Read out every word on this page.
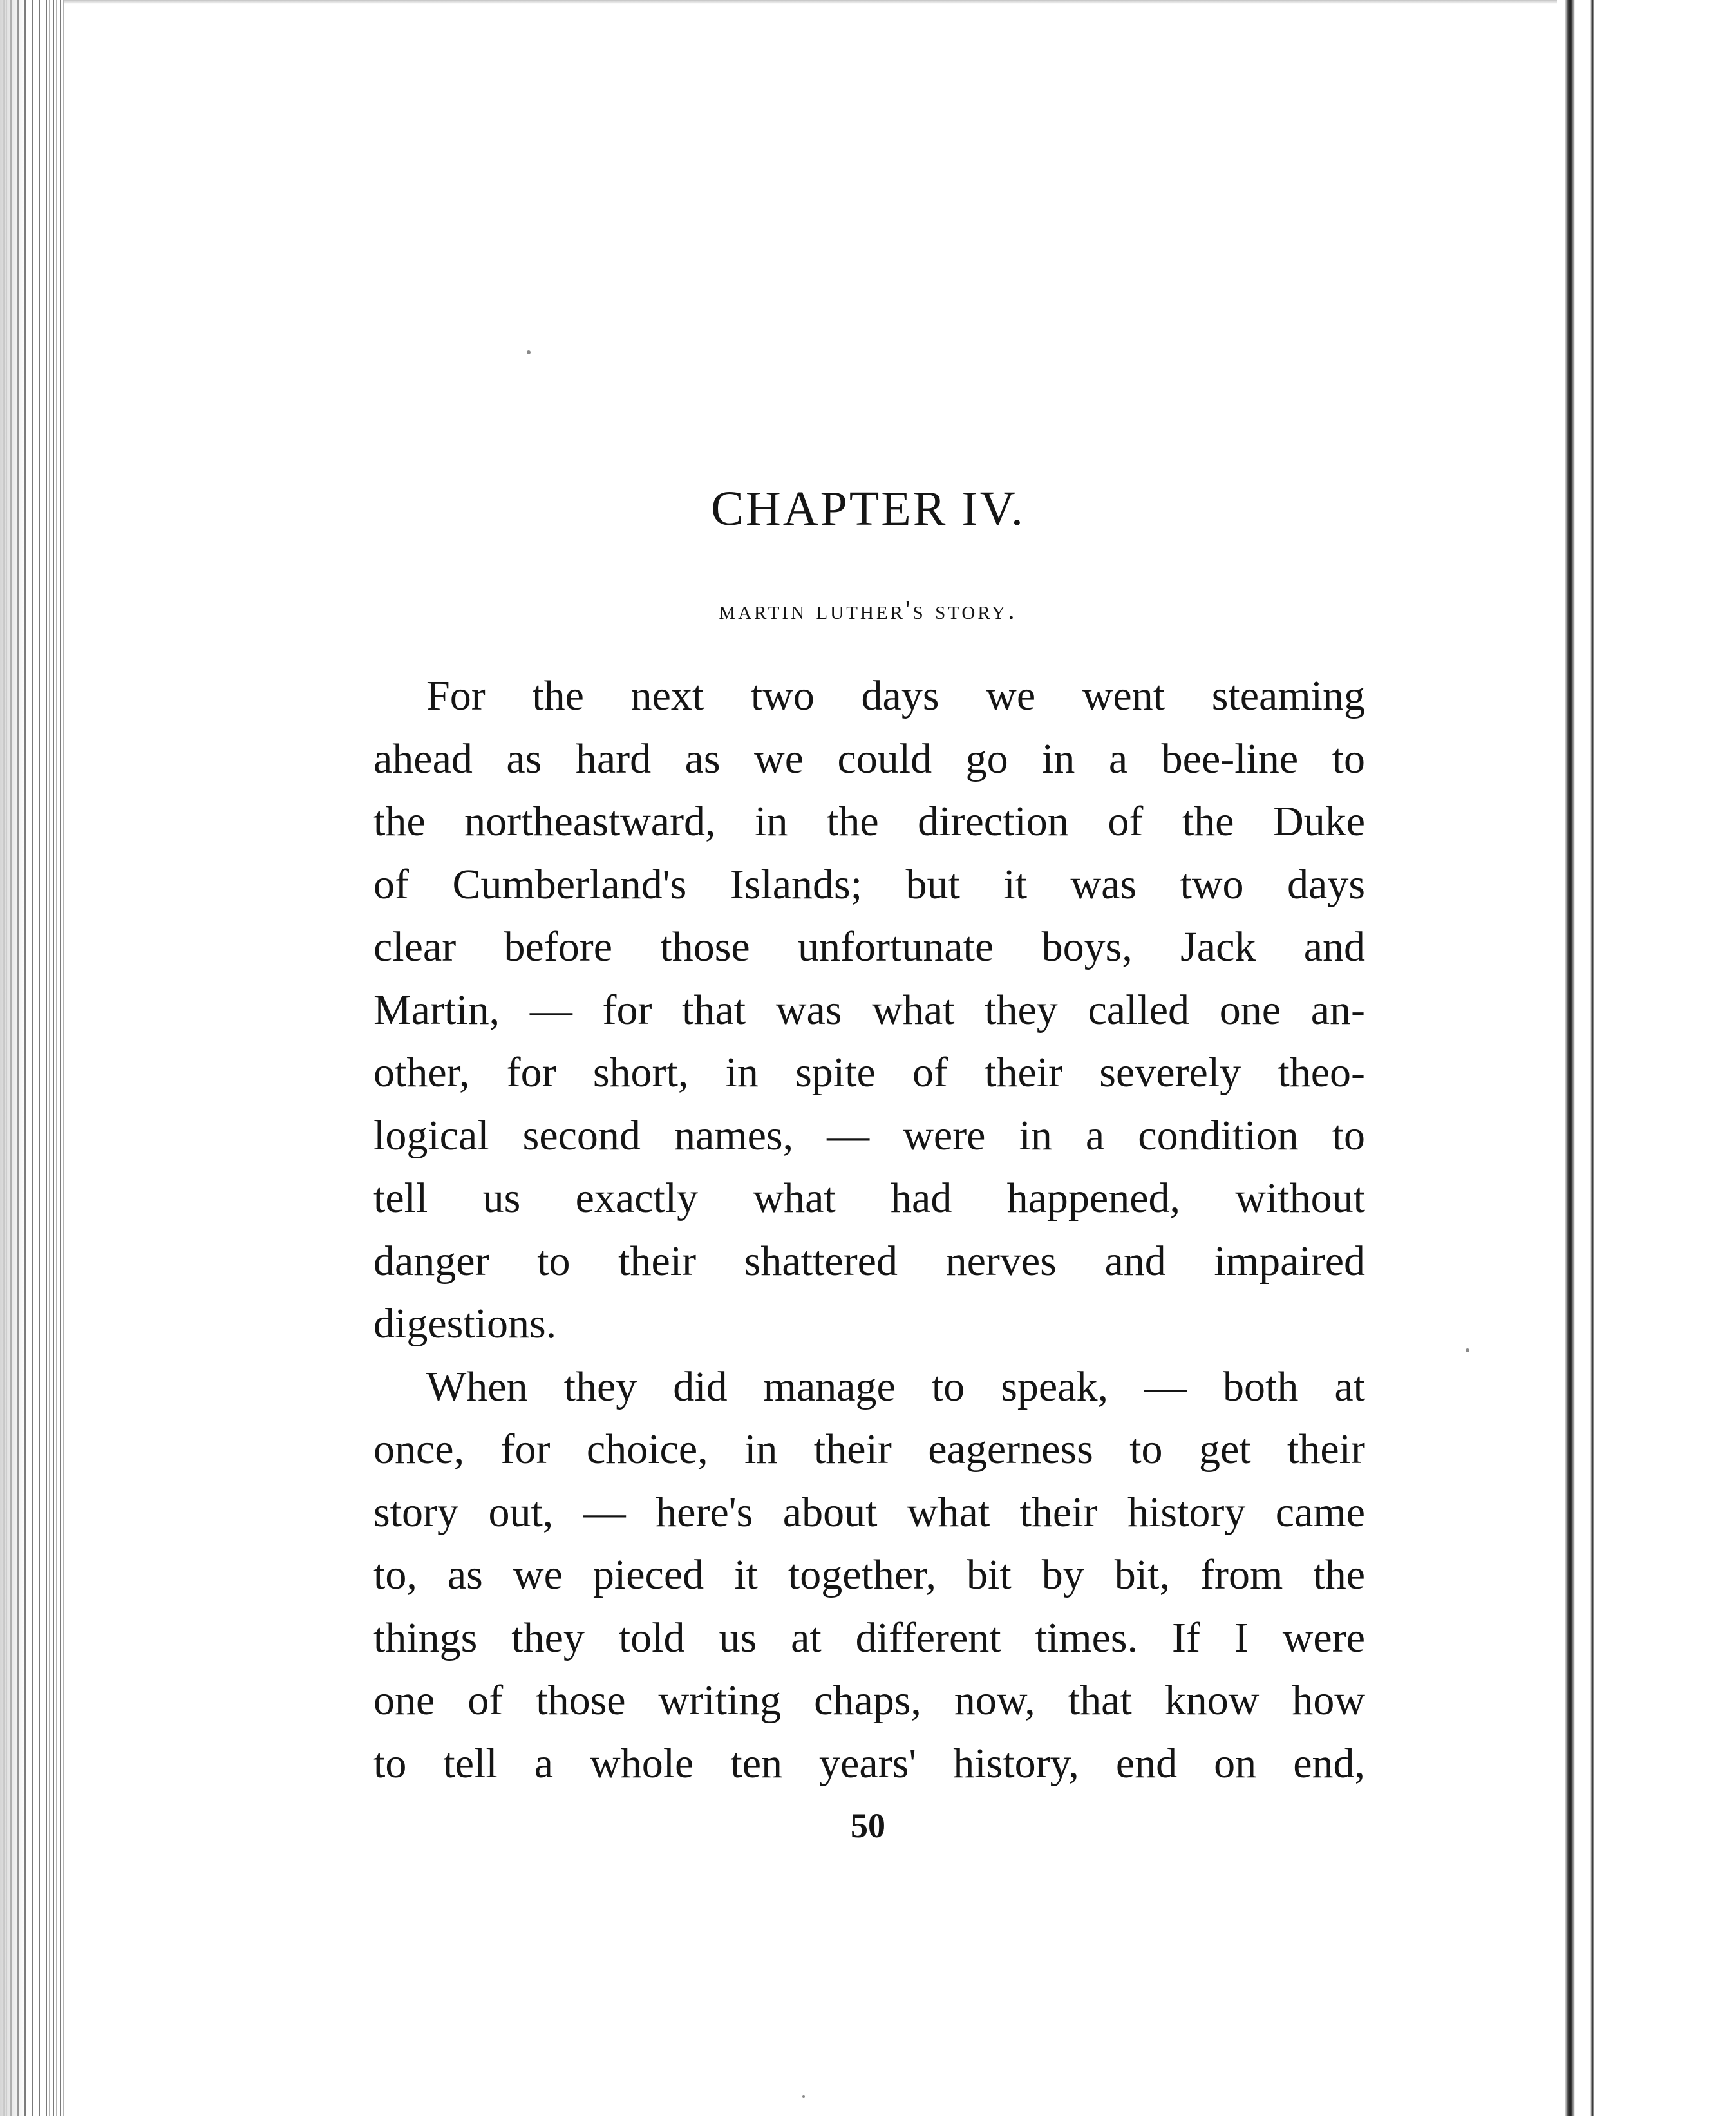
CHAPTER IV.
martin luther's story.
For the next two days we went steaming
ahead as hard as we could go in a bee-line to
the northeastward, in the direction of the Duke
of Cumberland's Islands; but it was two days
clear before those unfortunate boys, Jack and
Martin, — for that was what they called one an-
other, for short, in spite of their severely theo-
logical second names, — were in a condition to
tell us exactly what had happened, without
danger to their shattered nerves and impaired
digestions.
When they did manage to speak, — both at
once, for choice, in their eagerness to get their
story out, — here's about what their history came
to, as we pieced it together, bit by bit, from the
things they told us at different times. If I were
one of those writing chaps, now, that know how
to tell a whole ten years' history, end on end,
50
